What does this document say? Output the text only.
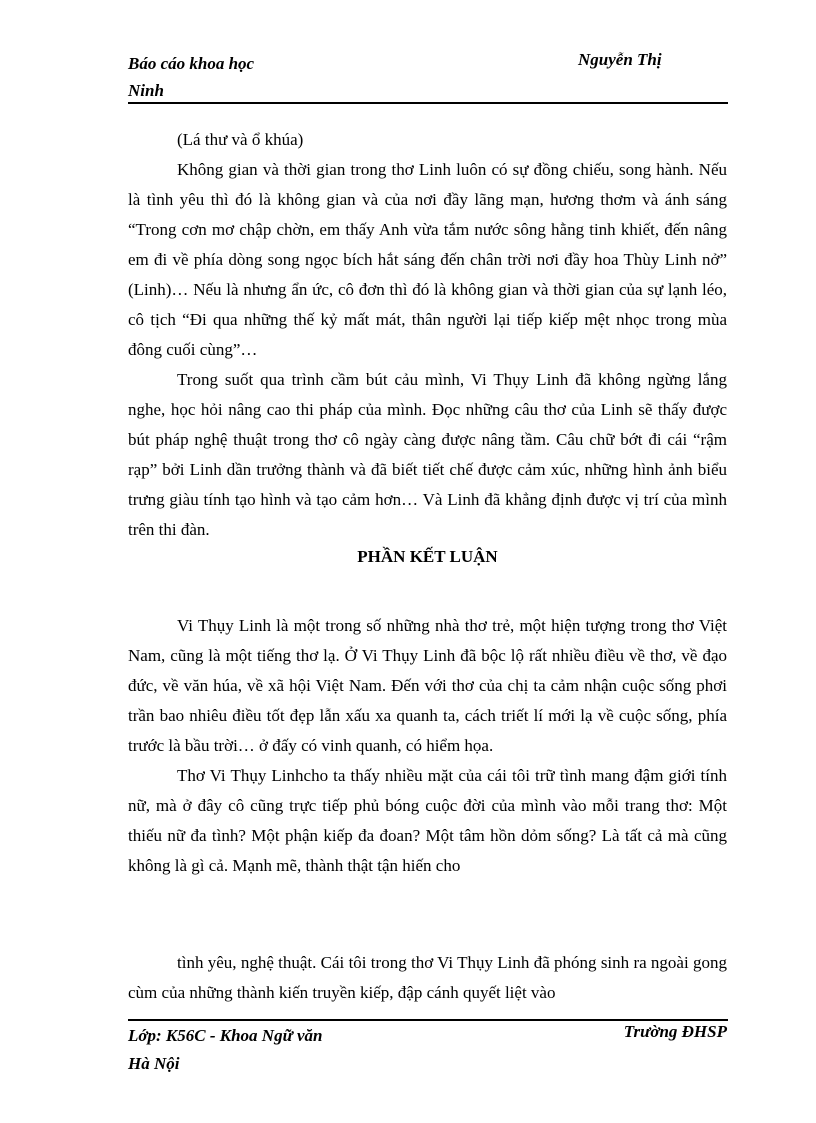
Báo cáo khoa học
Ninh
Nguyễn Thị

(Lá thư và ổ khúa)

Không gian và thời gian trong thơ Linh luôn có sự đồng chiếu, song hành. Nếu là tình yêu thì đó là không gian và của nơi đầy lãng mạn, hương thơm và ánh sáng “Trong cơn mơ chập chờn, em thấy Anh vừa tắm nước sông hằng tinh khiết, đến nâng em đi về phía dòng song ngọc bích hắt sáng đến chân trời nơi đầy hoa Thùy Linh nở” (Linh)… Nếu là nhưng ẩn ức, cô đơn thì đó là không gian và thời gian của sự lạnh léo, cô tịch “Đi qua những thế kỷ mất mát, thân người lại tiếp kiếp mệt nhọc trong mùa đông cuối cùng”…

Trong suốt qua trình cầm bút cảu mình, Vi Thụy Linh đã không ngừng lắng nghe, học hỏi nâng cao thi pháp của mình. Đọc những câu thơ của Linh sẽ thấy được bút pháp nghệ thuật trong thơ cô ngày càng được nâng tầm. Câu chữ bớt đi cái “rậm rạp” bởi Linh dần trưởng thành và đã biết tiết chế được cảm xúc, những hình ảnh biểu trưng giàu tính tạo hình và tạo cảm hơn… Và Linh đã khẳng định được vị trí của mình trên thi đàn.

PHẦN KẾT LUẬN

Vi Thụy Linh là một trong số những nhà thơ trẻ, một hiện tượng trong thơ Việt Nam, cũng là một tiếng thơ lạ. Ở Vi Thụy Linh đã bộc lộ rất nhiều điều về thơ, về đạo đức, về văn húa, về xã hội Việt Nam. Đến với thơ của chị ta cảm nhận cuộc sống phơi trần bao nhiêu điều tốt đẹp lẫn xấu xa quanh ta, cách triết lí mới lạ về cuộc sống, phía trước là bầu trời… ở đấy có vinh quanh, có hiểm họa.

Thơ Vi Thụy Linhcho ta thấy nhiều mặt của cái tôi trữ tình mang đậm giới tính nữ, mà ở đây cô cũng trực tiếp phủ bóng cuộc đời của mình vào mỗi trang thơ: Một thiếu nữ đa tình? Một phận kiếp đa đoan? Một tâm hồn dỏm sống? Là tất cả mà cũng không là gì cả. Mạnh mẽ, thành thật tận hiến cho

tình yêu, nghệ thuật. Cái tôi trong thơ Vi Thụy Linh đã phóng sinh ra ngoài gong cùm của những thành kiến truyền kiếp, đập cánh quyết liệt vào

Lớp: K56C - Khoa Ngữ văn
Hà Nội
Trường ĐHSP
